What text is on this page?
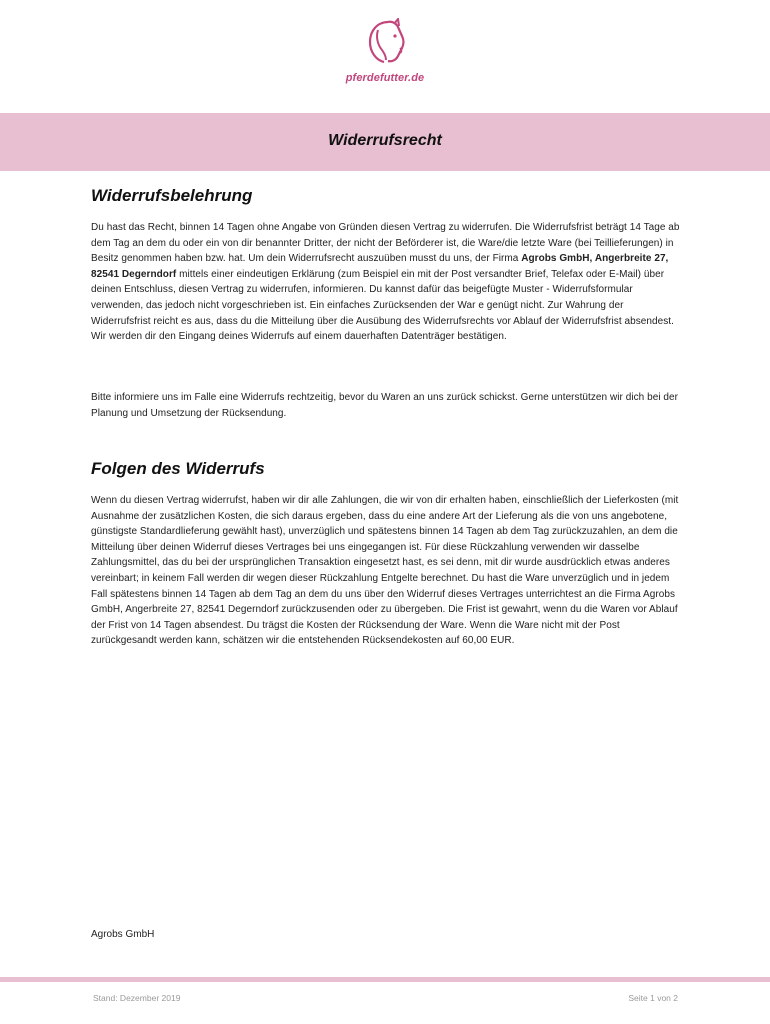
pferdefutter.de
Widerrufsrecht
Widerrufsbelehrung

Du hast das Recht, binnen 14 Tagen ohne Angabe von Gründen diesen Vertrag zu widerrufen. Die Widerrufsfrist beträgt 14 Tage ab dem Tag an dem du oder ein von dir benannter Dritter, der nicht der Beförderer ist, die Ware/die letzte Ware (bei Teillieferungen) in Besitz genommen haben bzw. hat. Um dein Widerrufsrecht auszuüben musst du uns, der Firma Agrobs GmbH, Angerbreite 27, 82541 Degerndorf mittels einer eindeutigen Erklärung (zum Beispiel ein mit der Post versandter Brief, Telefax oder E-Mail) über deinen Entschluss, diesen Vertrag zu widerrufen, informieren. Du kannst dafür das beigefügte Muster - Widerrufsformular verwenden, das jedoch nicht vorgeschrieben ist. Ein einfaches Zurücksenden der War e genügt nicht. Zur Wahrung der Widerrufsfrist reicht es aus, dass du die Mitteilung über die Ausübung des Widerrufsrechts vor Ablauf der Widerrufsfrist absendest. Wir werden dir den Eingang deines Widerrufs auf einem dauerhaften Datenträger bestätigen.

Bitte informiere uns im Falle eine Widerrufs rechtzeitig, bevor du Waren an uns zurück schickst. Gerne unterstützen wir dich bei der Planung und Umsetzung der Rücksendung.

Folgen des Widerrufs

Wenn du diesen Vertrag widerrufst, haben wir dir alle Zahlungen, die wir von dir erhalten haben, einschließlich der Lieferkosten (mit Ausnahme der zusätzlichen Kosten, die sich daraus ergeben, dass du eine andere Art der Lieferung als die von uns angebotene, günstigste Standardlieferung gewählt hast), unverzüglich und spätestens binnen 14 Tagen ab dem Tag zurückzuzahlen, an dem die Mitteilung über deinen Widerruf dieses Vertrages bei uns eingegangen ist. Für diese Rückzahlung verwenden wir dasselbe Zahlungsmittel, das du bei der ursprünglichen Transaktion eingesetzt hast, es sei denn, mit dir wurde ausdrücklich etwas anderes vereinbart; in keinem Fall werden dir wegen dieser Rückzahlung Entgelte berechnet. Du hast die Ware unverzüglich und in jedem Fall spätestens binnen 14 Tagen ab dem Tag an dem du uns über den Widerruf dieses Vertrages unterrichtest an die Firma Agrobs GmbH, Angerbreite 27, 82541 Degerndorf zurückzusenden oder zu übergeben. Die Frist ist gewahrt, wenn du die Waren vor Ablauf der Frist von 14 Tagen absendest. Du trägst die Kosten der Rücksendung der Ware. Wenn die Ware nicht mit der Post zurückgesandt werden kann, schätzen wir die entstehenden Rücksendekosten auf 60,00 EUR.

Agrobs GmbH
Stand: Dezember 2019	Seite 1 von 2
